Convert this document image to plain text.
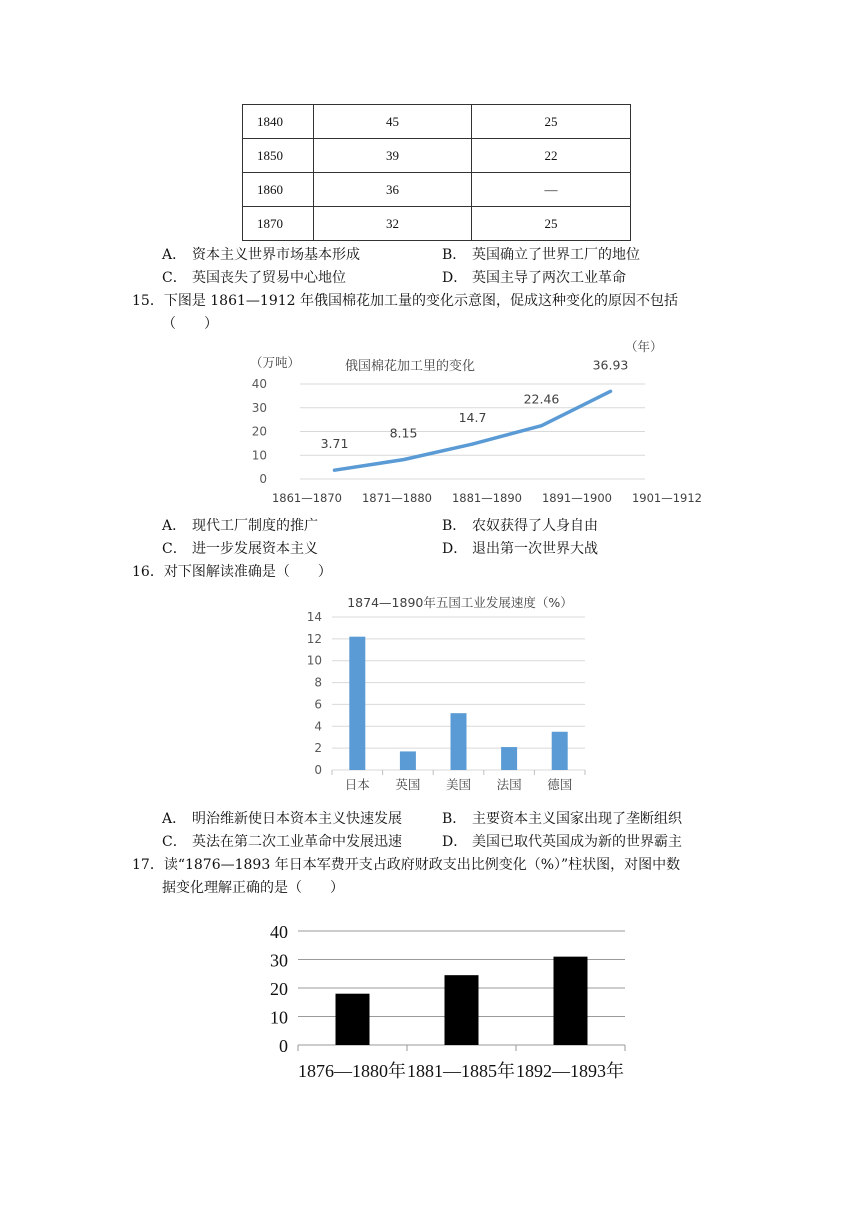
1840	45	25
1850	39	22
1860	36	—
1870	32	25
A． 资本主义世界市场基本形成	B． 英国确立了世界工厂的地位
C． 英国丧失了贸易中心地位	D． 英国主导了两次工业革命
15．下图是 1861—1912 年俄国棉花加工量的变化示意图，促成这种变化的原因不包括
（　　）
0
10
20
30
40
1861—1870 1871—1880 1881—1890 1891—1900 1901—1912
3.71
8.15
14.7
22.46
36.93
（万吨）
（年）
俄国棉花加工里的变化
A． 现代工厂制度的推广	B． 农奴获得了人身自由
C． 进一步发展资本主义	D． 退出第一次世界大战
16．对下图解读准确是（　　）
0
2
4
6
8
10
12
14
日本 英国 美国 法国 德国
1874—1890年五国工业发展速度（%）
A． 明治维新使日本资本主义快速发展	B． 主要资本主义国家出现了垄断组织
C． 英法在第二次工业革命中发展迅速	D． 美国已取代英国成为新的世界霸主
17．读“1876—1893 年日本军费开支占政府财政支出比例变化（%）”柱状图，对图中数
据变化理解正确的是（　　）
0
10
20
30
40
1876—1880年 1881—1885年 1892—1893年
